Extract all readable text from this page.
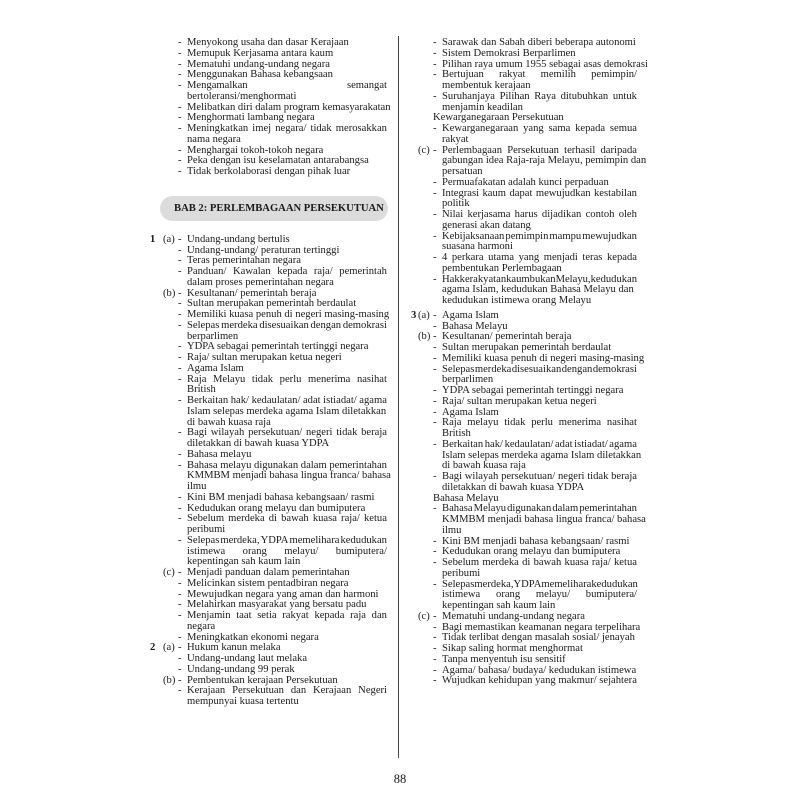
- Menyokong usaha dan dasar Kerajaan
- Memupuk Kerjasama antara kaum
- Mematuhi undang-undang negara
- Menggunakan Bahasa kebangsaan
- Mengamalkan	semangat
bertoleransi/menghormati
- Melibatkan diri dalam program kemasyarakatan
- Menghormati lambang negara
- Meningkatkan imej negara/ tidak merosakkan
nama negara
- Menghargai tokoh-tokoh negara
- Peka dengan isu keselamatan antarabangsa
- Tidak berkolaborasi dengan pihak luar
BAB 2: PERLEMBAGAAN PERSEKUTUAN
1 (a) - Undang-undang bertulis
- Undang-undang/ peraturan tertinggi
- Teras pemerintahan negara
- Panduan/ Kawalan kepada raja/ pemerintah
dalam proses pemerintahan negara
(b) - Kesultanan/ pemerintah beraja
- Sultan merupakan pemerintah berdaulat
- Memiliki kuasa penuh di negeri masing-masing
- Selepas merdeka disesuaikan dengan demokrasi
berparlimen
- YDPA sebagai pemerintah tertinggi negara
- Raja/ sultan merupakan ketua negeri
- Agama Islam
- Raja Melayu tidak perlu menerima nasihat
British
- Berkaitan hak/ kedaulatan/ adat istiadat/ agama
Islam selepas merdeka agama Islam diletakkan
di bawah kuasa raja
- Bagi wilayah persekutuan/ negeri tidak beraja
diletakkan di bawah kuasa YDPA
- Bahasa melayu
- Bahasa melayu digunakan dalam pemerintahan
KMMBM menjadi bahasa lingua franca/ bahasa
ilmu
- Kini BM menjadi bahasa kebangsaan/ rasmi
- Kedudukan orang melayu dan bumiputera
- Sebelum merdeka di bawah kuasa raja/ ketua
peribumi
- Selepas merdeka, YDPA memelihara kedudukan
istimewa orang melayu/ bumiputera/
kepentingan sah kaum lain
(c) - Menjadi panduan dalam pemerintahan
- Melicinkan sistem pentadbiran negara
- Mewujudkan negara yang aman dan harmoni
- Melahirkan masyarakat yang bersatu padu
- Menjamin taat setia rakyat kepada raja dan
negara
- Meningkatkan ekonomi negara
2 (a) - Hukum kanun melaka
- Undang-undang laut melaka
- Undang-undang 99 perak
(b) - Pembentukan kerajaan Persekutuan
- Kerajaan Persekutuan dan Kerajaan Negeri
mempunyai kuasa tertentu
- Sarawak dan Sabah diberi beberapa autonomi
- Sistem Demokrasi Berparlimen
- Pilihan raya umum 1955 sebagai asas demokrasi
- Bertujuan rakyat memilih pemimpin/
membentuk kerajaan
- Suruhanjaya Pilihan Raya ditubuhkan untuk
menjamin keadilan
Kewarganegaraan Persekutuan
- Kewarganegaraan yang sama kepada semua
rakyat
(c) - Perlembagaan Persekutuan terhasil daripada
gabungan idea Raja-raja Melayu, pemimpin dan
persatuan
- Permuafakatan adalah kunci perpaduan
- Integrasi kaum dapat mewujudkan kestabilan
politik
- Nilai kerjasama harus dijadikan contoh oleh
generasi akan datang
- Kebijaksanaan pemimpin mampu mewujudkan
suasana harmoni
- 4 perkara utama yang menjadi teras kepada
pembentukan Perlembagaan
- Hak kerakyatan kaum bukan Melayu, kedudukan
agama Islam, kedudukan Bahasa Melayu dan
kedudukan istimewa orang Melayu
3 (a) - Agama Islam
- Bahasa Melayu
(b) - Kesultanan/ pemerintah beraja
- Sultan merupakan pemerintah berdaulat
- Memiliki kuasa penuh di negeri masing-masing
- Selepas merdeka disesuaikan dengan demokrasi
berparlimen
- YDPA sebagai pemerintah tertinggi negara
- Raja/ sultan merupakan ketua negeri
- Agama Islam
- Raja melayu tidak perlu menerima nasihat
British
- Berkaitan hak/ kedaulatan/ adat istiadat/ agama
Islam selepas merdeka agama Islam diletakkan
di bawah kuasa raja
- Bagi wilayah persekutuan/ negeri tidak beraja
diletakkan di bawah kuasa YDPA
Bahasa Melayu
- Bahasa Melayu digunakan dalam pemerintahan
KMMBM menjadi bahasa lingua franca/ bahasa
ilmu
- Kini BM menjadi bahasa kebangsaan/ rasmi
- Kedudukan orang melayu dan bumiputera
- Sebelum merdeka di bawah kuasa raja/ ketua
peribumi
- Selepas merdeka, YDPA memelihara kedudukan
istimewa orang melayu/ bumiputera/
kepentingan sah kaum lain
(c) - Mematuhi undang-undang negara
- Bagi memastikan keamanan negara terpelihara
- Tidak terlibat dengan masalah sosial/ jenayah
- Sikap saling hormat menghormat
- Tanpa menyentuh isu sensitif
- Agama/ bahasa/ budaya/ kedudukan istimewa
- Wujudkan kehidupan yang makmur/ sejahtera
88
